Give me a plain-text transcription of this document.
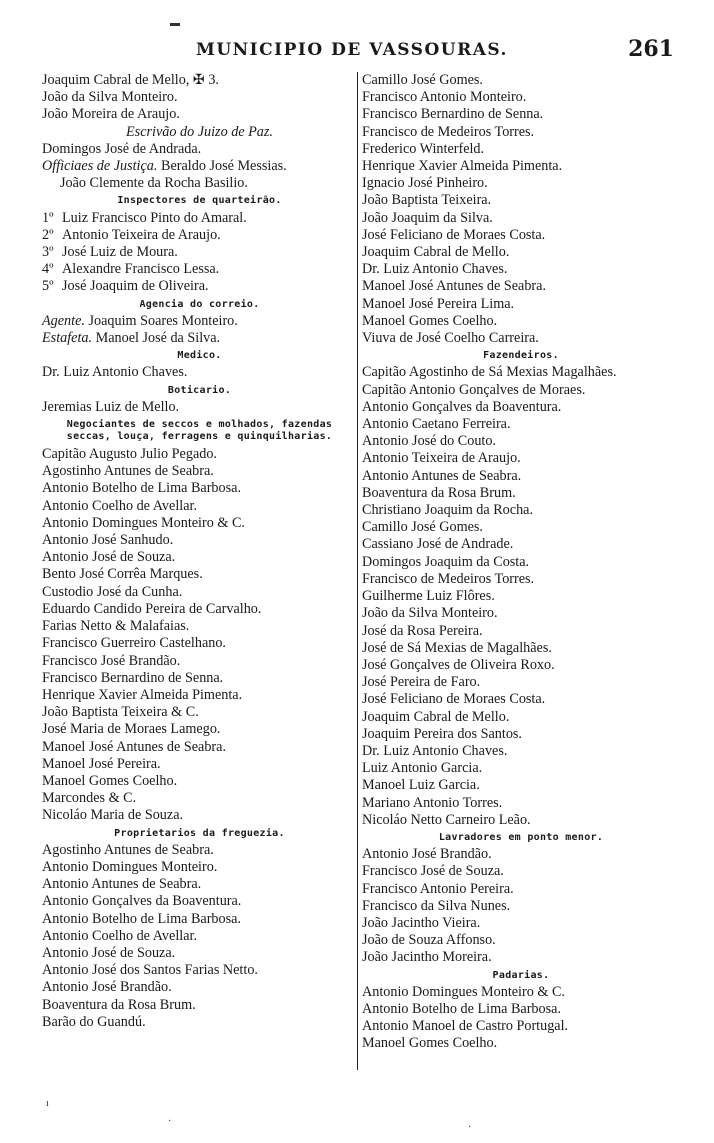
MUNICIPIO DE VASSOURAS.	261
▬
Joaquim Cabral de Mello, ✠ 3.
João da Silva Monteiro.
João Moreira de Araujo.
Escrivão do Juizo de Paz.
Domingos José de Andrada.
Officiaes de Justiça. Beraldo José Messias.
João Clemente da Rocha Basilio.
Inspectores de quarteirão.
1º Luiz Francisco Pinto do Amaral.
2º Antonio Teixeira de Araujo.
3º José Luiz de Moura.
4º Alexandre Francisco Lessa.
5º José Joaquim de Oliveira.
Agencia do correio.
Agente. Joaquim Soares Monteiro.
Estafeta. Manoel José da Silva.
Medico.
Dr. Luiz Antonio Chaves.
Boticario.
Jeremias Luiz de Mello.
Negociantes de seccos e molhados, fazendas
seccas, louça, ferragens e quinquilharias.
Capitão Augusto Julio Pegado.
Agostinho Antunes de Seabra.
Antonio Botelho de Lima Barbosa.
Antonio Coelho de Avellar.
Antonio Domingues Monteiro & C.
Antonio José Sanhudo.
Antonio José de Souza.
Bento José Corrêa Marques.
Custodio José da Cunha.
Eduardo Candido Pereira de Carvalho.
Farias Netto & Malafaias.
Francisco Guerreiro Castelhano.
Francisco José Brandão.
Francisco Bernardino de Senna.
Henrique Xavier Almeida Pimenta.
João Baptista Teixeira & C.
José Maria de Moraes Lamego.
Manoel José Antunes de Seabra.
Manoel José Pereira.
Manoel Gomes Coelho.
Marcondes & C.
Nicoláo Maria de Souza.
Proprietarios da freguezia.
Agostinho Antunes de Seabra.
Antonio Domingues Monteiro.
Antonio Antunes de Seabra.
Antonio Gonçalves da Boaventura.
Antonio Botelho de Lima Barbosa.
Antonio Coelho de Avellar.
Antonio José de Souza.
Antonio José dos Santos Farias Netto.
Antonio José Brandão.
Boaventura da Rosa Brum.
Barão do Guandú.
Camillo José Gomes.
Francisco Antonio Monteiro.
Francisco Bernardino de Senna.
Francisco de Medeiros Torres.
Frederico Winterfeld.
Henrique Xavier Almeida Pimenta.
Ignacio José Pinheiro.
João Baptista Teixeira.
João Joaquim da Silva.
José Feliciano de Moraes Costa.
Joaquim Cabral de Mello.
Dr. Luiz Antonio Chaves.
Manoel José Antunes de Seabra.
Manoel José Pereira Lima.
Manoel Gomes Coelho.
Viuva de José Coelho Carreira.
Fazendeiros.
Capitão Agostinho de Sá Mexias Magalhães.
Capitão Antonio Gonçalves de Moraes.
Antonio Gonçalves da Boaventura.
Antonio Caetano Ferreira.
Antonio José do Couto.
Antonio Teixeira de Araujo.
Antonio Antunes de Seabra.
Boaventura da Rosa Brum.
Christiano Joaquim da Rocha.
Camillo José Gomes.
Cassiano José de Andrade.
Domingos Joaquim da Costa.
Francisco de Medeiros Torres.
Guilherme Luiz Flôres.
João da Silva Monteiro.
José da Rosa Pereira.
José de Sá Mexias de Magalhães.
José Gonçalves de Oliveira Roxo.
José Pereira de Faro.
José Feliciano de Moraes Costa.
Joaquim Cabral de Mello.
Joaquim Pereira dos Santos.
Dr. Luiz Antonio Chaves.
Luiz Antonio Garcia.
Manoel Luiz Garcia.
Mariano Antonio Torres.
Nicoláo Netto Carneiro Leão.
Lavradores em ponto menor.
Antonio José Brandão.
Francisco José de Souza.
Francisco Antonio Pereira.
Francisco da Silva Nunes.
João Jacintho Vieira.
João de Souza Affonso.
João Jacintho Moreira.
Padarias.
Antonio Domingues Monteiro & C.
Antonio Botelho de Lima Barbosa.
Antonio Manoel de Castro Portugal.
Manoel Gomes Coelho.
ı
·
·
